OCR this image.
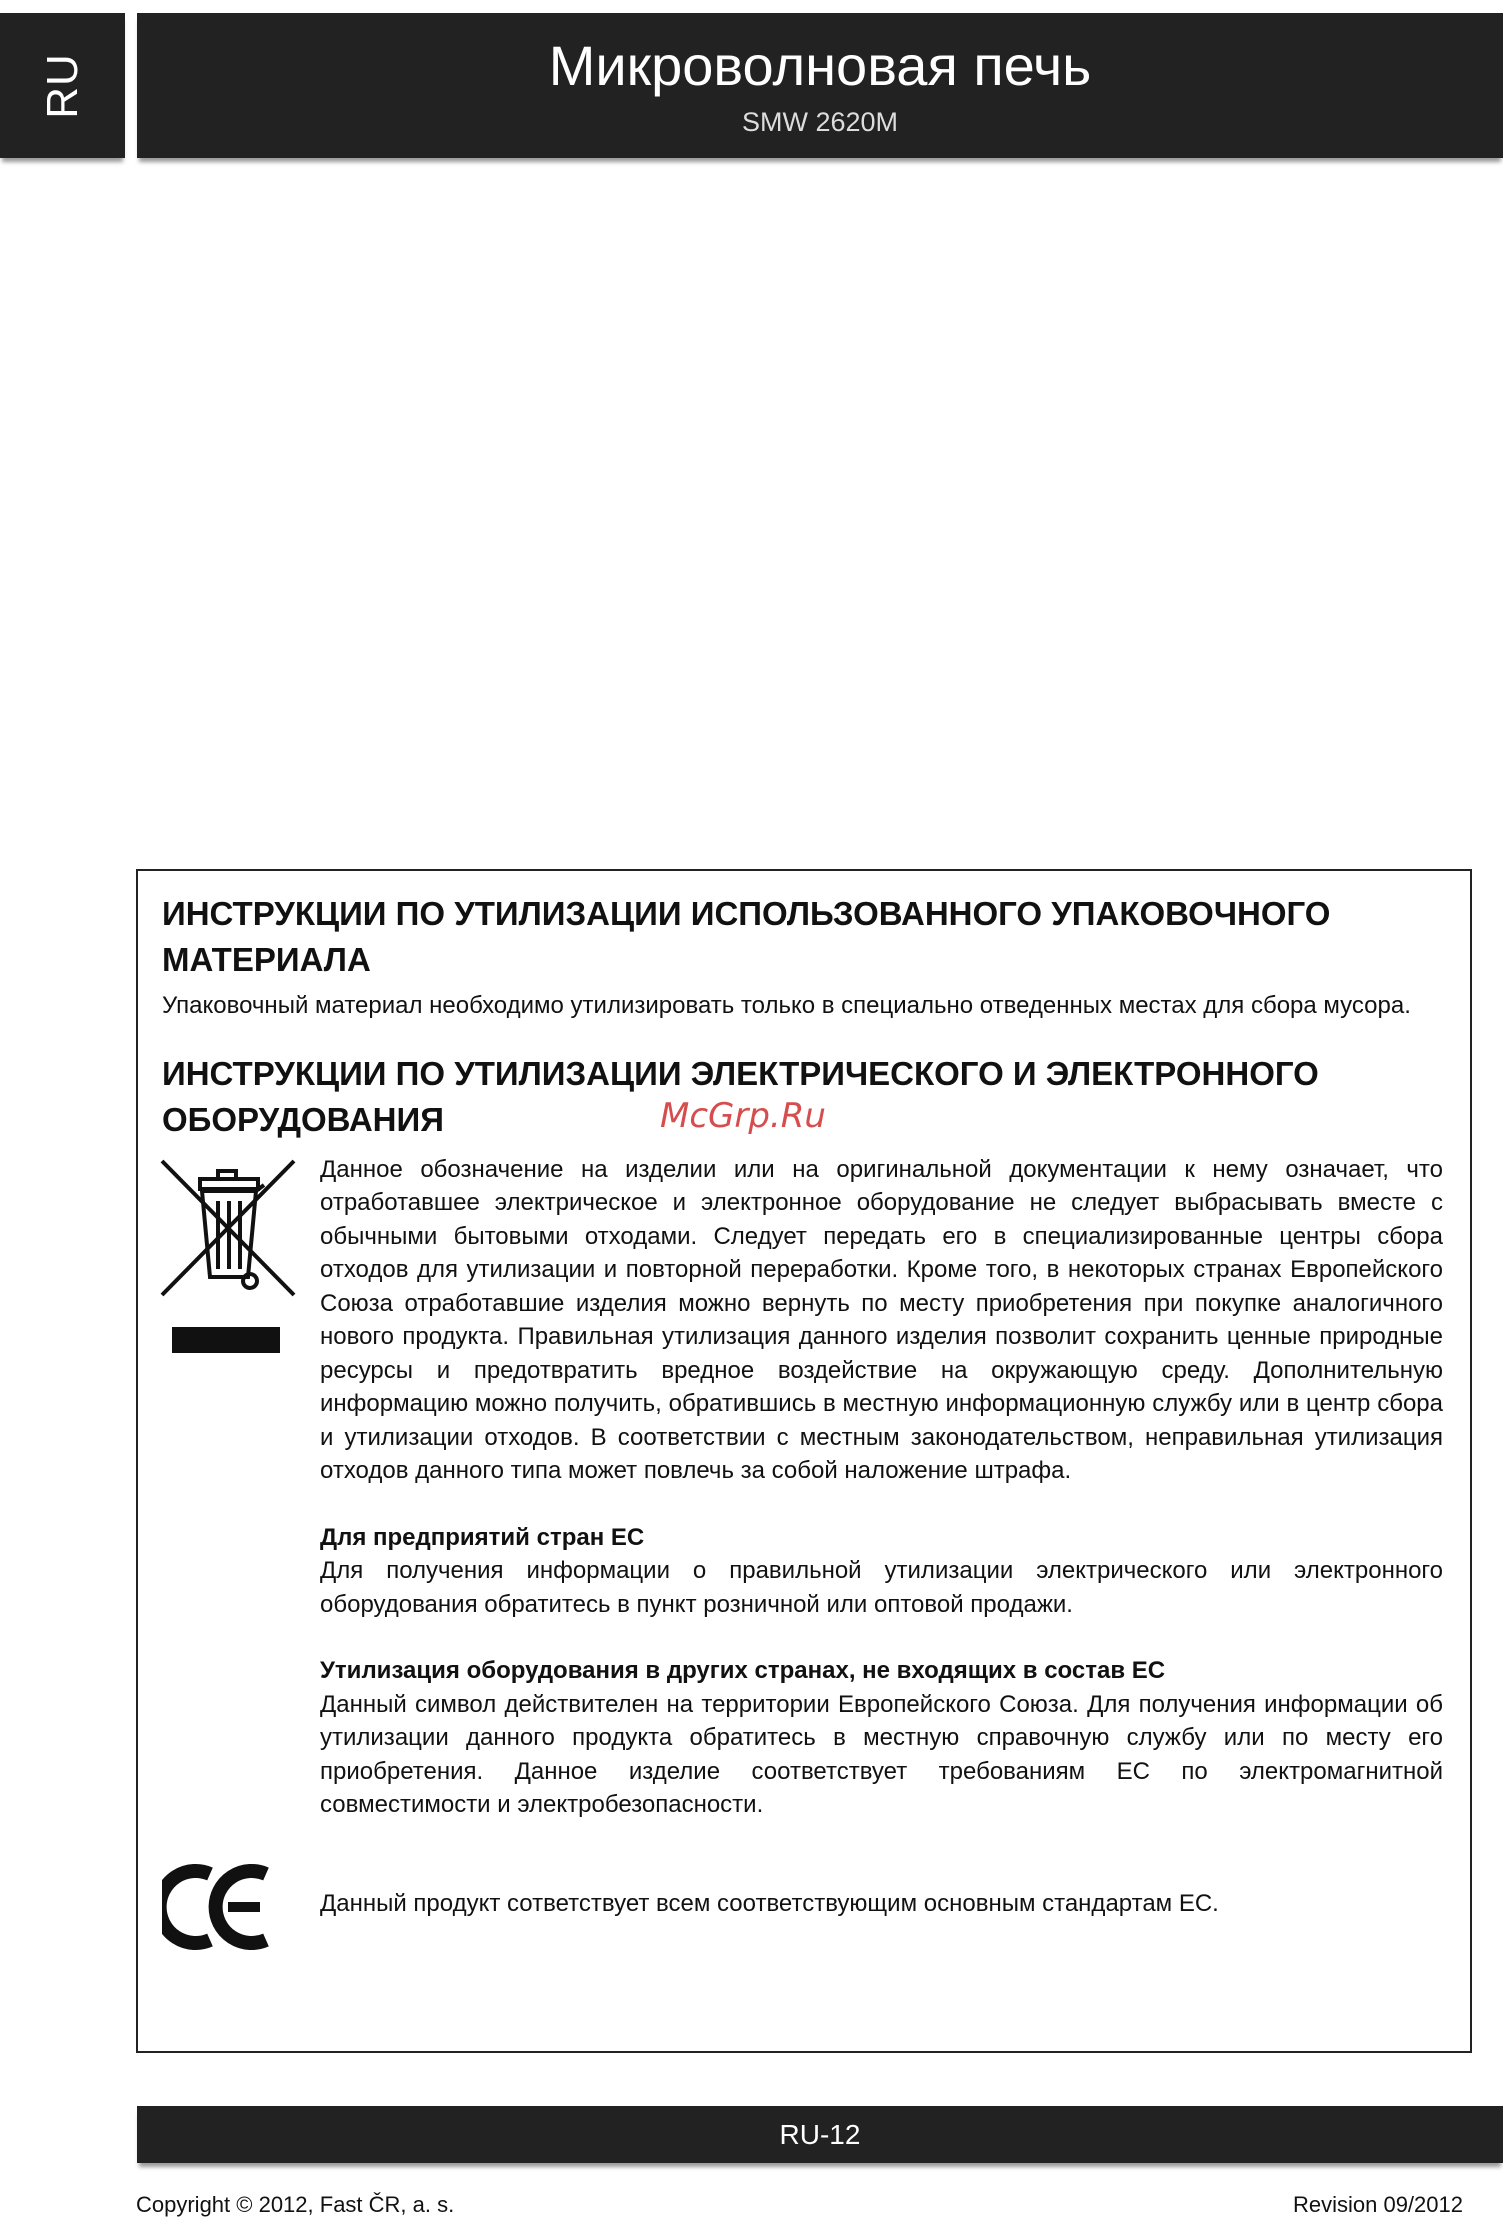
RU	Микроволновая печь
SMW 2620M

ИНСТРУКЦИИ ПО УТИЛИЗАЦИИ ИСПОЛЬЗОВАННОГО УПАКОВОЧНОГО
МАТЕРИАЛА

Упаковочный материал необходимо утилизировать только в специально отведенных местах для сбора мусора.

ИНСТРУКЦИИ ПО УТИЛИЗАЦИИ ЭЛЕКТРИЧЕСКОГО И ЭЛЕКТРОННОГО
ОБОРУДОВАНИЯ

Данное обозначение на изделии или на оригинальной документации к нему означает, что отработавшее электрическое и электронное оборудование не следует выбрасывать вместе с обычными бытовыми отходами. Следует передать его в специализированные центры сбора отходов для утилизации и повторной переработки. Кроме того, в некоторых странах Европейского Союза отработавшие изделия можно вернуть по месту приобретения при покупке аналогичного нового продукта. Правильная утилизация данного изделия позволит сохранить ценные природные ресурсы и предотвратить вредное воздействие на окружающую среду. Дополнительную информацию можно получить, обратившись в местную информационную службу или в центр сбора и утилизации отходов. В соответствии с местным законодательством, неправильная утилизация отходов данного типа может повлечь за собой наложение штрафа.

Для предприятий стран ЕС

Для получения информации о правильной утилизации электрического или электронного оборудования обратитесь в пункт розничной или оптовой продажи.

Утилизация оборудования в других странах, не входящих в состав ЕС

Данный символ действителен на территории Европейского Союза. Для получения информации об утилизации данного продукта обратитесь в местную справочную службу или по месту его приобретения. Данное изделие соответствует требованиям ЕС по электромагнитной совместимости и электробезопасности.

Данный продукт сответствует всем соответствующим основным стандартам ЕС.
McGrp.Ru
RU-12
Copyright © 2012, Fast ČR, a. s.	Revision 09/2012
